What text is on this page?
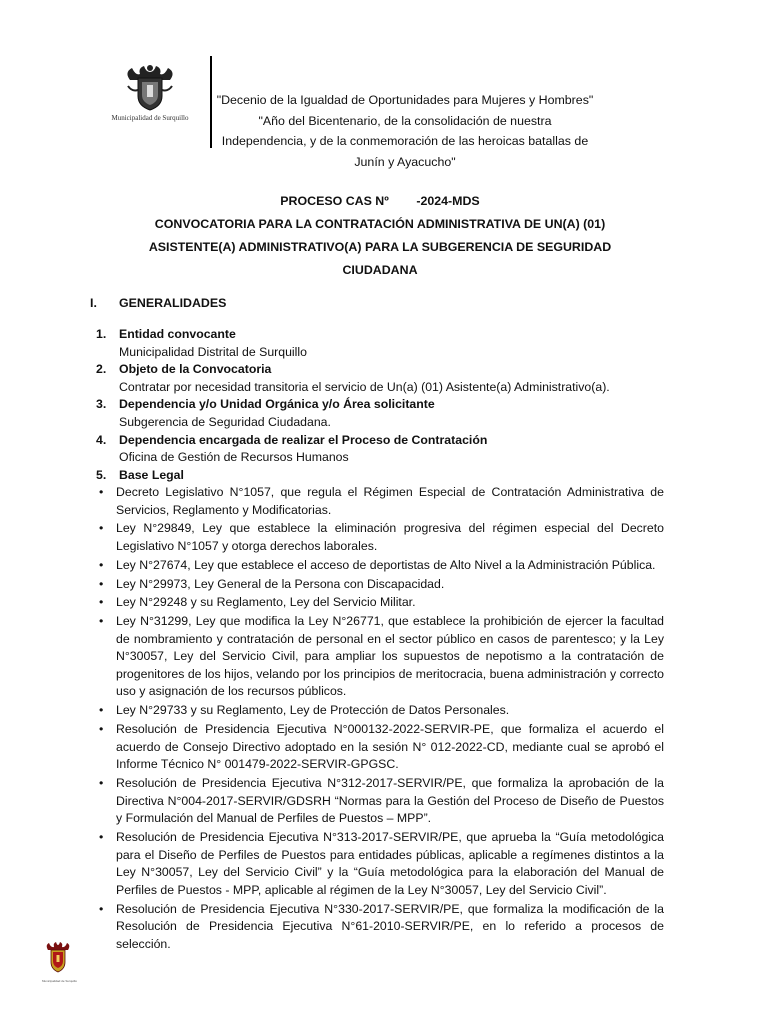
Municipalidad de Surquillo
"Decenio de la Igualdad de Oportunidades para Mujeres y Hombres"
"Año del Bicentenario, de la consolidación de nuestra
Independencia, y de la conmemoración de las heroicas batallas de
Junín y Ayacucho"
PROCESO CAS Nº        -2024-MDS
CONVOCATORIA PARA LA CONTRATACIÓN ADMINISTRATIVA DE UN(A) (01)
ASISTENTE(A) ADMINISTRATIVO(A) PARA LA SUBGERENCIA DE SEGURIDAD
CIUDADANA
I. GENERALIDADES
1. Entidad convocante
Municipalidad Distrital de Surquillo
2. Objeto de la Convocatoria
Contratar por necesidad transitoria el servicio de Un(a) (01) Asistente(a) Administrativo(a).
3. Dependencia y/o Unidad Orgánica y/o Área solicitante
Subgerencia de Seguridad Ciudadana.
4. Dependencia encargada de realizar el Proceso de Contratación
Oficina de Gestión de Recursos Humanos
5. Base Legal
• Decreto Legislativo N°1057, que regula el Régimen Especial de Contratación Administrativa de Servicios, Reglamento y Modificatorias.
• Ley N°29849, Ley que establece la eliminación progresiva del régimen especial del Decreto Legislativo N°1057 y otorga derechos laborales.
• Ley N°27674, Ley que establece el acceso de deportistas de Alto Nivel a la Administración Pública.
• Ley N°29973, Ley General de la Persona con Discapacidad.
• Ley N°29248 y su Reglamento, Ley del Servicio Militar.
• Ley N°31299, Ley que modifica la Ley N°26771, que establece la prohibición de ejercer la facultad de nombramiento y contratación de personal en el sector público en casos de parentesco; y la Ley N°30057, Ley del Servicio Civil, para ampliar los supuestos de nepotismo a la contratación de progenitores de los hijos, velando por los principios de meritocracia, buena administración y correcto uso y asignación de los recursos públicos.
• Ley N°29733 y su Reglamento, Ley de Protección de Datos Personales.
• Resolución de Presidencia Ejecutiva N°000132-2022-SERVIR-PE, que formaliza el acuerdo el acuerdo de Consejo Directivo adoptado en la sesión N° 012-2022-CD, mediante cual se aprobó el Informe Técnico N° 001479-2022-SERVIR-GPGSC.
• Resolución de Presidencia Ejecutiva N°312-2017-SERVIR/PE, que formaliza la aprobación de la Directiva N°004-2017-SERVIR/GDSRH “Normas para la Gestión del Proceso de Diseño de Puestos y Formulación del Manual de Perfiles de Puestos – MPP”.
• Resolución de Presidencia Ejecutiva N°313-2017-SERVIR/PE, que aprueba la “Guía metodológica para el Diseño de Perfiles de Puestos para entidades públicas, aplicable a regímenes distintos a la Ley N°30057, Ley del Servicio Civil” y la “Guía metodológica para la elaboración del Manual de Perfiles de Puestos - MPP, aplicable al régimen de la Ley N°30057, Ley del Servicio Civil”.
• Resolución de Presidencia Ejecutiva N°330-2017-SERVIR/PE, que formaliza la modificación de la Resolución de Presidencia Ejecutiva N°61-2010-SERVIR/PE, en lo referido a procesos de selección.
Municipalidad de Surquillo
